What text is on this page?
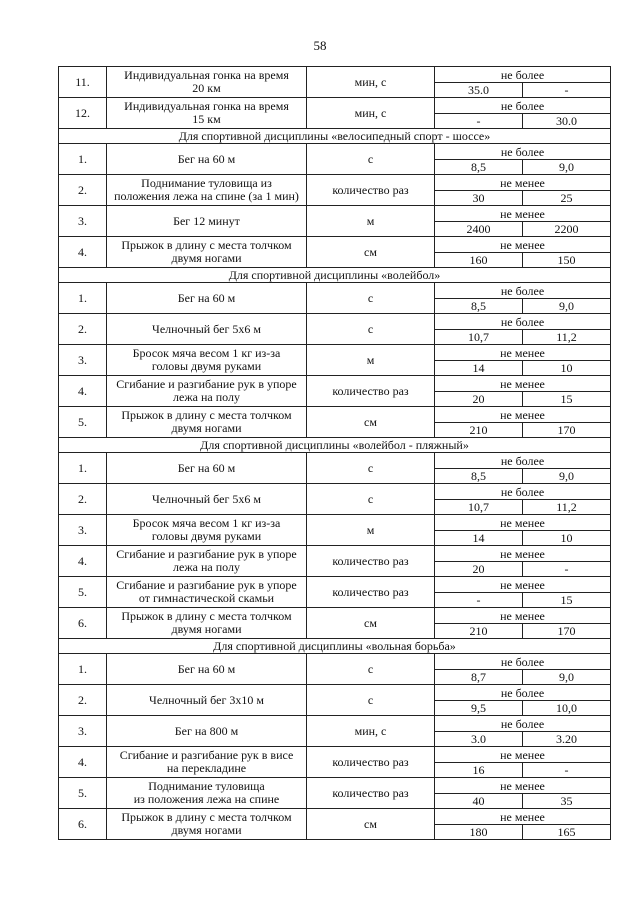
58
11.	Индивидуальная гонка на время
20 км	мин, с	не более	
			35.0	-
12.	Индивидуальная гонка на время
15 км	мин, с	не более	
			-	30.0
Для спортивной дисциплины «велосипедный спорт - шоссе»				
1.	Бег на 60 м	с	не более	
			8,5	9,0
2.	Поднимание туловища из
положения лежа на спине (за 1 мин)	количество раз	не менее	
			30	25
3.	Бег 12 минут	м	не менее	
			2400	2200
4.	Прыжок в длину с места толчком
двумя ногами	см	не менее	
			160	150
Для спортивной дисциплины «волейбол»				
1.	Бег на 60 м	с	не более	
			8,5	9,0
2.	Челночный бег 5х6 м	с	не более	
			10,7	11,2
3.	Бросок мяча весом 1 кг из-за
головы двумя руками	м	не менее	
			14	10
4.	Сгибание и разгибание рук в упоре
лежа на полу	количество раз	не менее	
			20	15
5.	Прыжок в длину с места толчком
двумя ногами	см	не менее	
			210	170
Для спортивной дисциплины «волейбол - пляжный»				
1.	Бег на 60 м	с	не более	
			8,5	9,0
2.	Челночный бег 5х6 м	с	не более	
			10,7	11,2
3.	Бросок мяча весом 1 кг из-за
головы двумя руками	м	не менее	
			14	10
4.	Сгибание и разгибание рук в упоре
лежа на полу	количество раз	не менее	
			20	-
5.	Сгибание и разгибание рук в упоре
от гимнастической скамьи	количество раз	не менее	
			-	15
6.	Прыжок в длину с места толчком
двумя ногами	см	не менее	
			210	170
Для спортивной дисциплины «вольная борьба»				
1.	Бег на 60 м	с	не более	
			8,7	9,0
2.	Челночный бег 3х10 м	с	не более	
			9,5	10,0
3.	Бег на 800 м	мин, с	не более	
			3.0	3.20
4.	Сгибание и разгибание рук в висе
на перекладине	количество раз	не менее	
			16	-
5.	Поднимание туловища
из положения лежа на спине	количество раз	не менее	
			40	35
6.	Прыжок в длину с места толчком
двумя ногами	см	не менее	
			180	165
